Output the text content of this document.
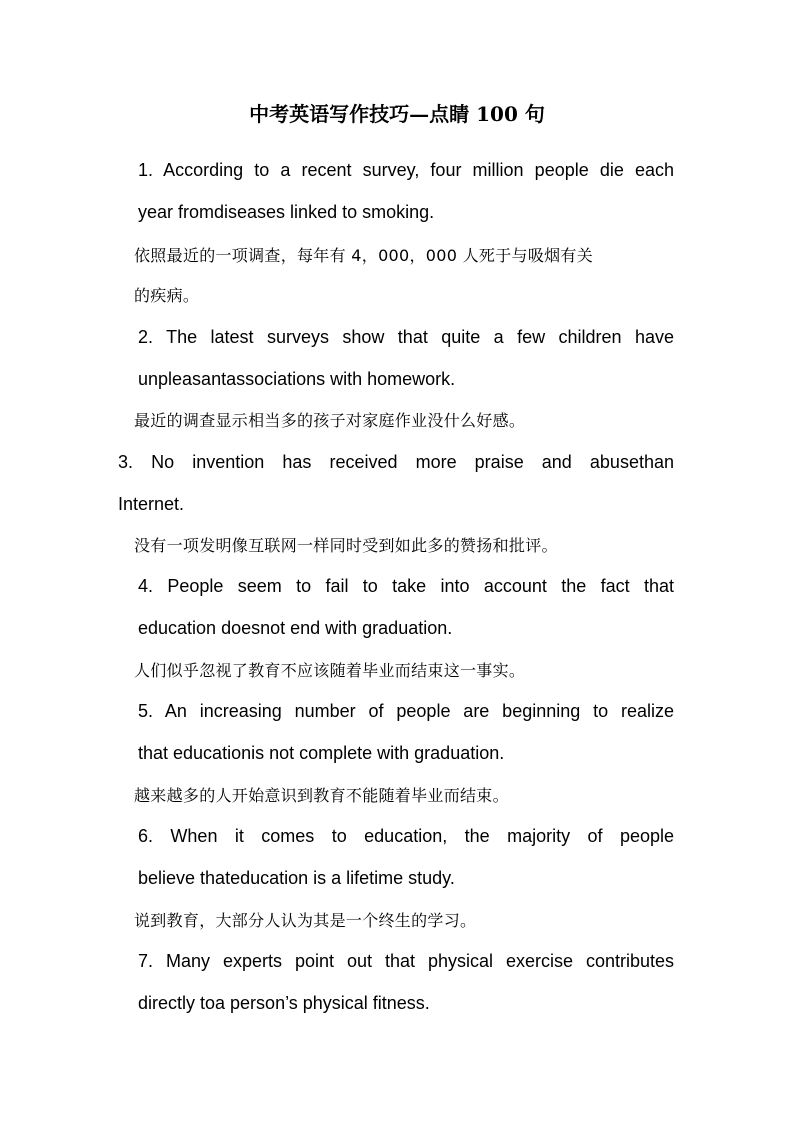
中考英语写作技巧—点睛 100 句
1. According to a recent survey, four million people die each
year fromdiseases linked to smoking.
依照最近的一项调查，每年有 4，000，000 人死于与吸烟有关
的疾病。
2. The latest surveys show that quite a few children have
unpleasantassociations with homework.
最近的调查显示相当多的孩子对家庭作业没什么好感。
3. No invention has received more praise and abusethan
Internet.
没有一项发明像互联网一样同时受到如此多的赞扬和批评。
4. People seem to fail to take into account the fact that
education doesnot end with graduation.
人们似乎忽视了教育不应该随着毕业而结束这一事实。
5. An increasing number of people are beginning to realize
that educationis not complete with graduation.
越来越多的人开始意识到教育不能随着毕业而结束。
6. When it comes to education, the majority of people
believe thateducation is a lifetime study.
说到教育，大部分人认为其是一个终生的学习。
7. Many experts point out that physical exercise contributes
directly toa person’s physical fitness.
